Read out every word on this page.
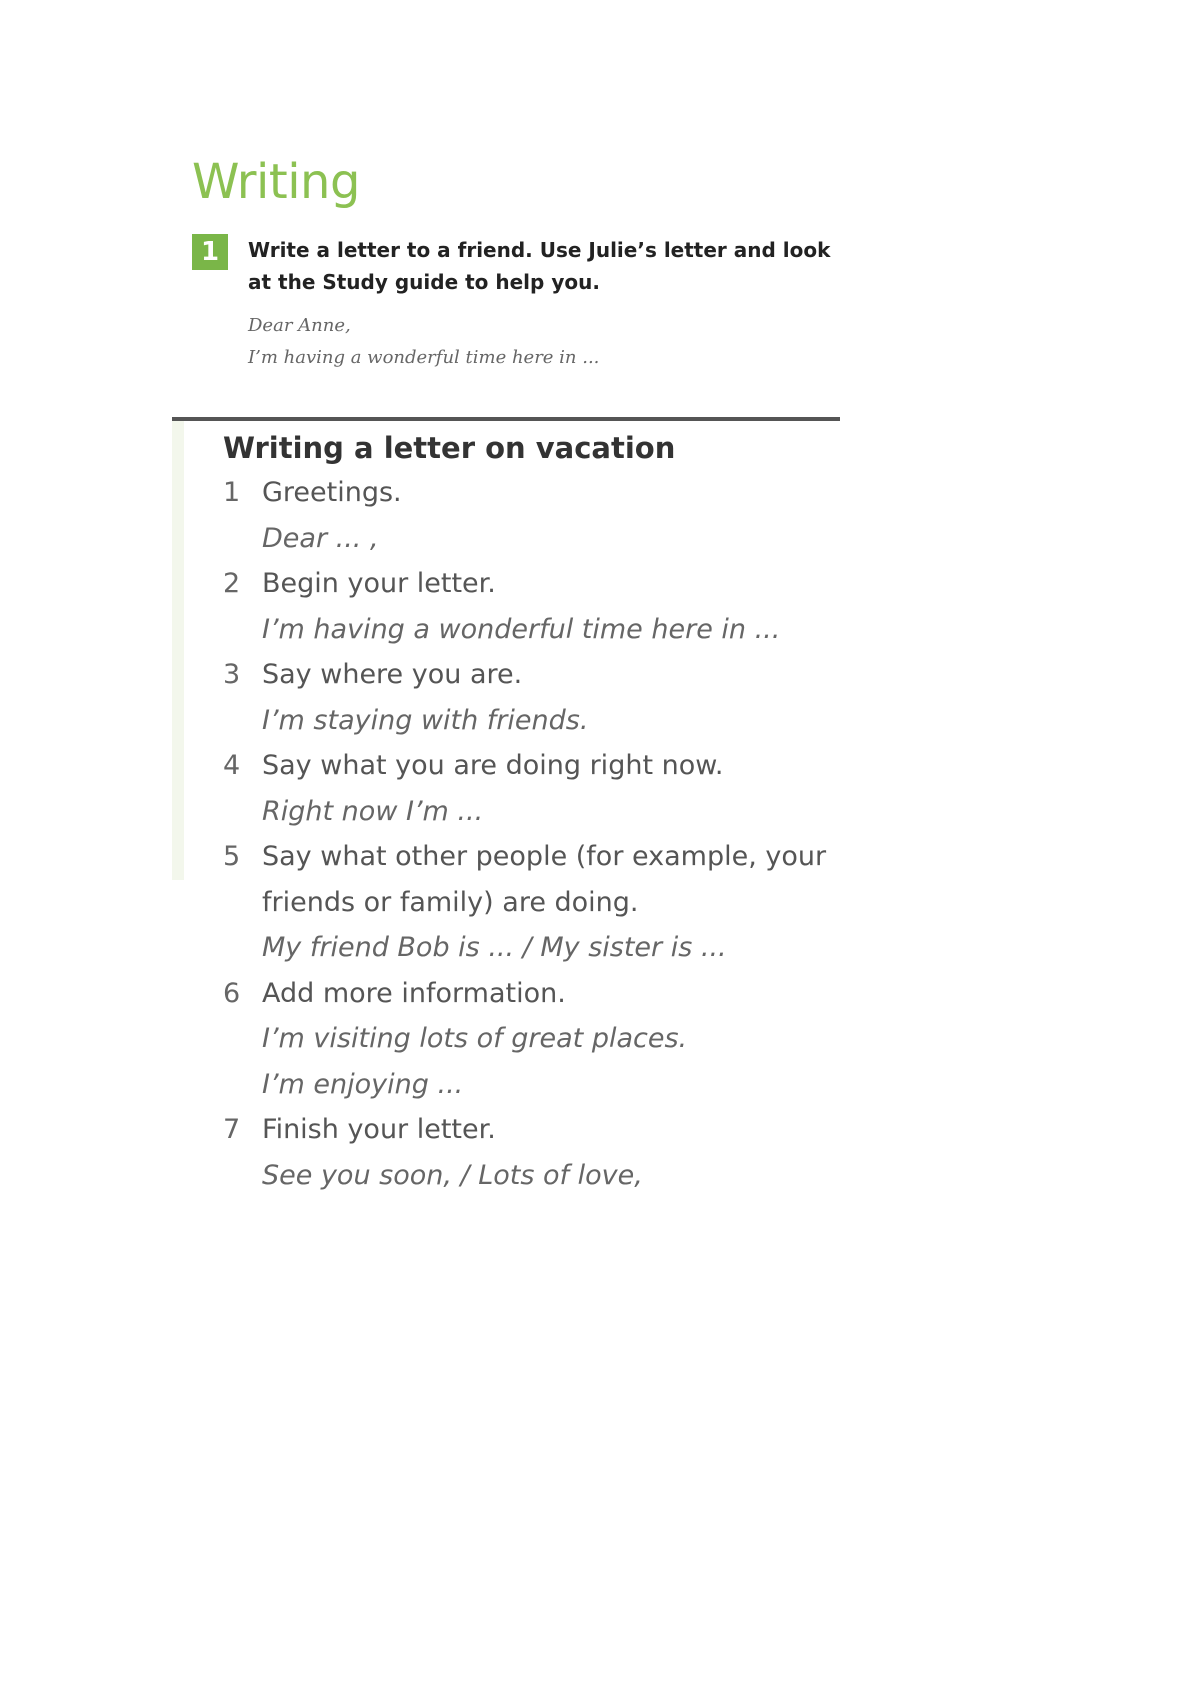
Writing
1	Write a letter to a friend. Use Julie’s letter and look at the Study guide to help you.

Dear Anne,
I’m having a wonderful time here in ...
Writing a letter on vacation
1 Greetings.
Dear ... ,
2 Begin your letter.
I’m having a wonderful time here in ...
3 Say where you are.
I’m staying with friends.
4 Say what you are doing right now.
Right now I’m ...
5 Say what other people (for example, your friends or family) are doing.
My friend Bob is ... / My sister is ...
6 Add more information.
I’m visiting lots of great places.
I’m enjoying ...
7 Finish your letter.
See you soon, / Lots of love,
